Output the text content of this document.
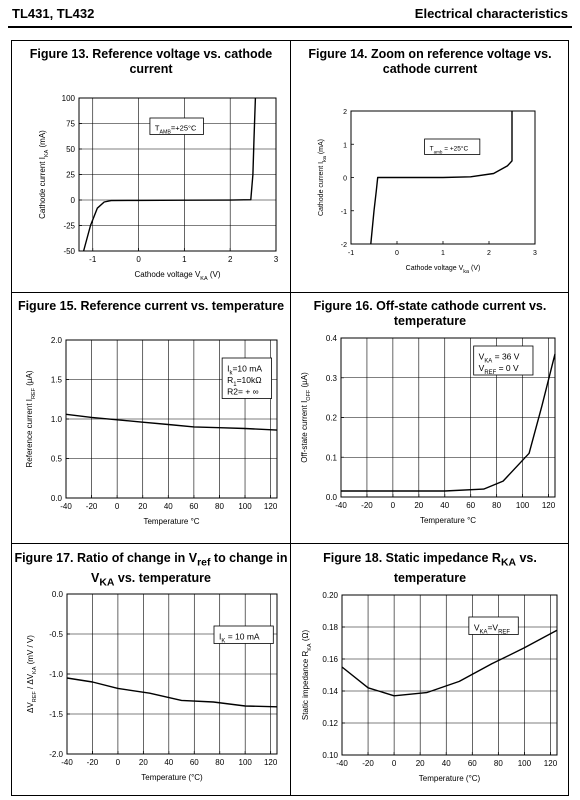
TL431, TL432	Electrical characteristics
Figure 13. Reference voltage vs. cathode
current
-1	0	1	2	3
-50
-25
0
25
50
75
100
Cathode voltage $V_{KA}$ (V)
Cathode current $I_{KA}$ (mA)
$T_{AMB}=+25^\circ C$
Figure 14. Zoom on reference voltage vs.
cathode current
-1	0	1	2	3
-2
-1
0
1
2
Cathode voltage $V_{ka}$ (V)
Cathode current $I_{ka}$ (mA)	$T_{amb} = +25^\circ C$
Figure 15. Reference current vs. temperature
-40 -20 0 20 40 60 80 100 120
0.0
0.5
1.0
1.5
2.0
Temperature °C
Reference current $I_{REF}$ (µA)
$I_k=10$ mA
$R_1=10k\Omega$
R2= + ∞
Figure 16. Off-state cathode current vs.
temperature
-40 -20 0 20 40 60 80 100 120
0.0
0.1
0.2
0.3
0.4
Temperature °C
Off-state current $I_{OFF}$ (µA)
$V_{KA} = 36$ V
$V_{REF} = 0$ V
Figure 17. Ratio of change in $V_{ref}$ to change in
$V_{KA}$ vs. temperature
-40 -20 0 20 40 60 80 100 120
0.0
-0.5
-1.0
-1.5
-2.0
Temperature (°C)
$\Delta V_{REF} / \Delta V_{KA}$ (mV / V)	$I_K = 10$ mA
Figure 18. Static impedance $R_{KA}$ vs.
temperature
-40 -20 0 20 40 60 80 100 120
0.10
0.12
0.14
0.16
0.18
0.20
Temperature (°C)
Static impedance $R_{KA}$ (Ω)
$V_{KA}=V_{REF}$
